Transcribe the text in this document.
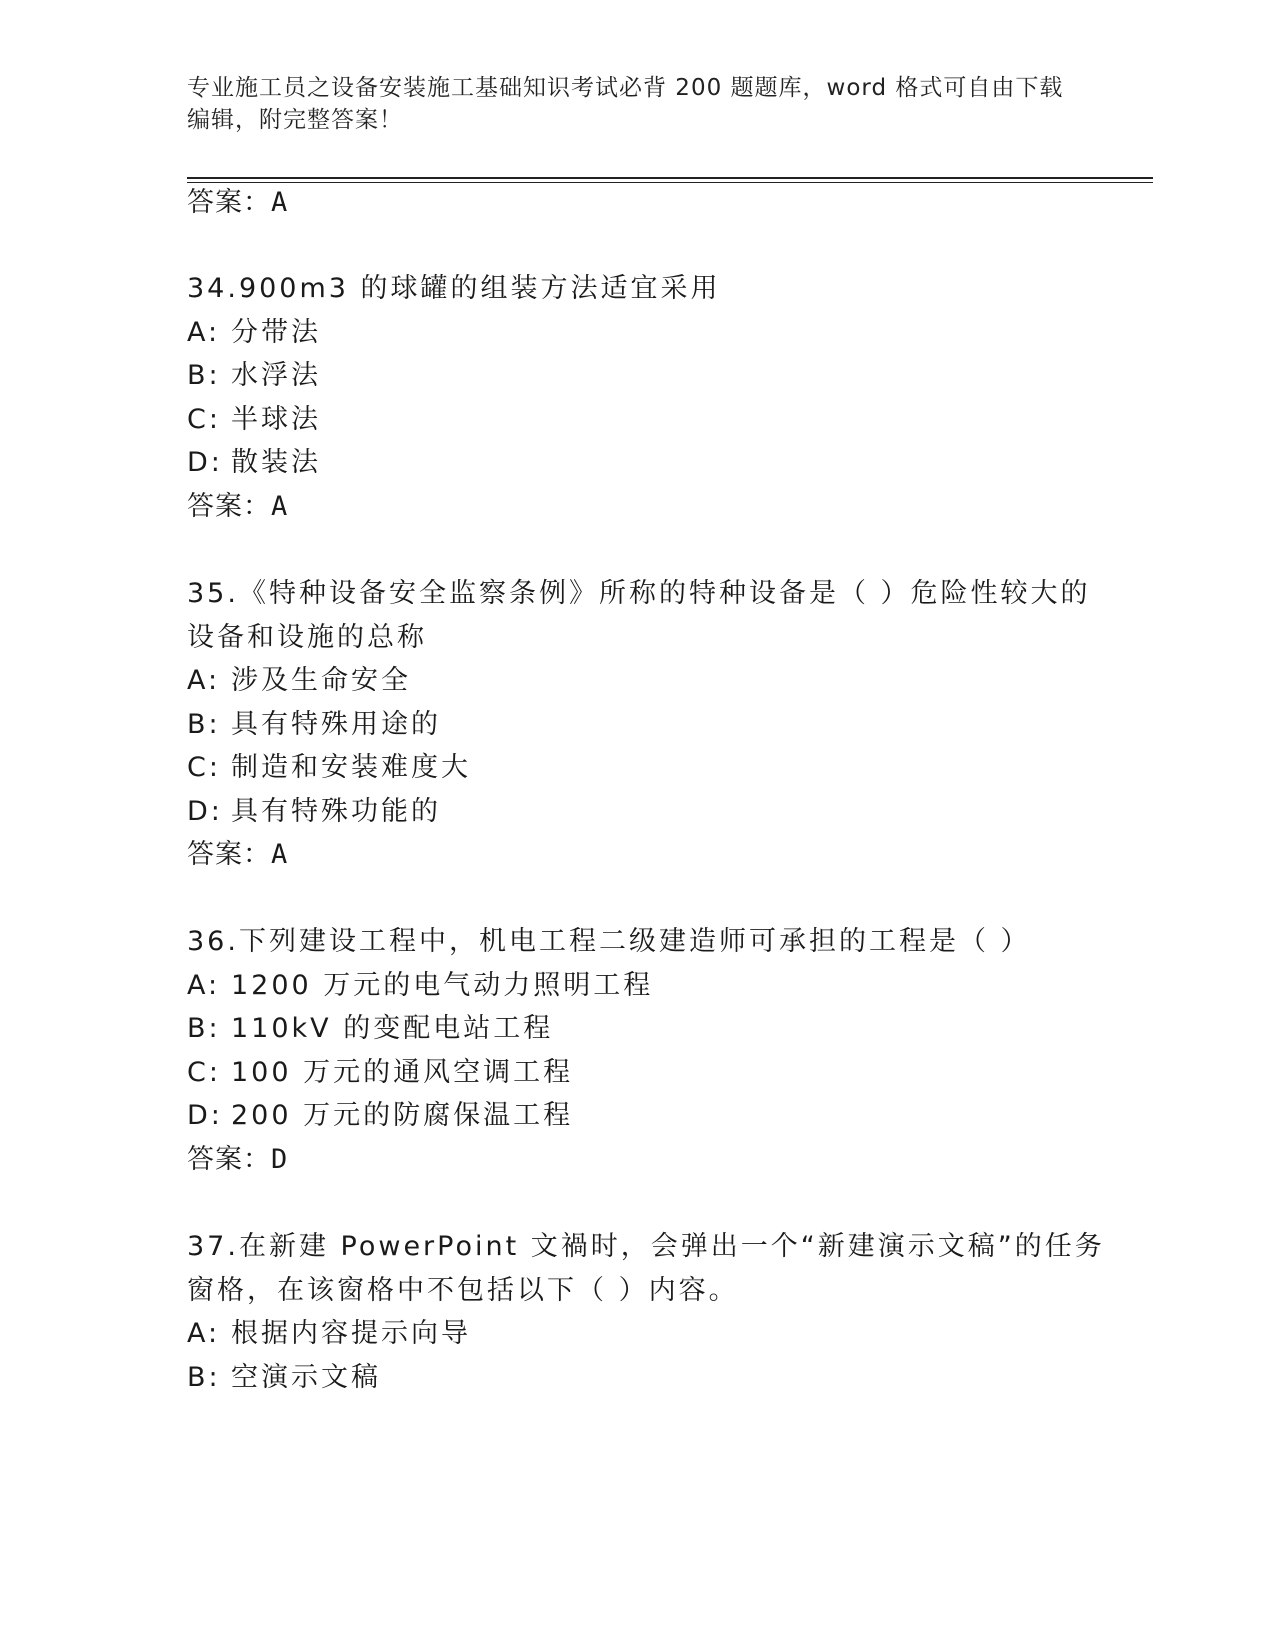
专业施工员之设备安装施工基础知识考试必背 200 题题库，word 格式可自由下载
编辑，附完整答案！
答案：A
34.900m3 的球罐的组装方法适宜采用
A: 分带法
B: 水浮法
C: 半球法
D: 散装法
答案：A
35.《特种设备安全监察条例》所称的特种设备是（ ）危险性较大的
设备和设施的总称
A: 涉及生命安全
B: 具有特殊用途的
C: 制造和安装难度大
D: 具有特殊功能的
答案：A
36.下列建设工程中，机电工程二级建造师可承担的工程是（ ）
A: 1200 万元的电气动力照明工程
B: 110kV 的变配电站工程
C: 100 万元的通风空调工程
D: 200 万元的防腐保温工程
答案：D
37.在新建 PowerPoint 文禍时，会弹出一个“新建演示文稿”的任务
窗格，在该窗格中不包括以下（ ）内容。
A: 根据内容提示向导
B: 空演示文稿
